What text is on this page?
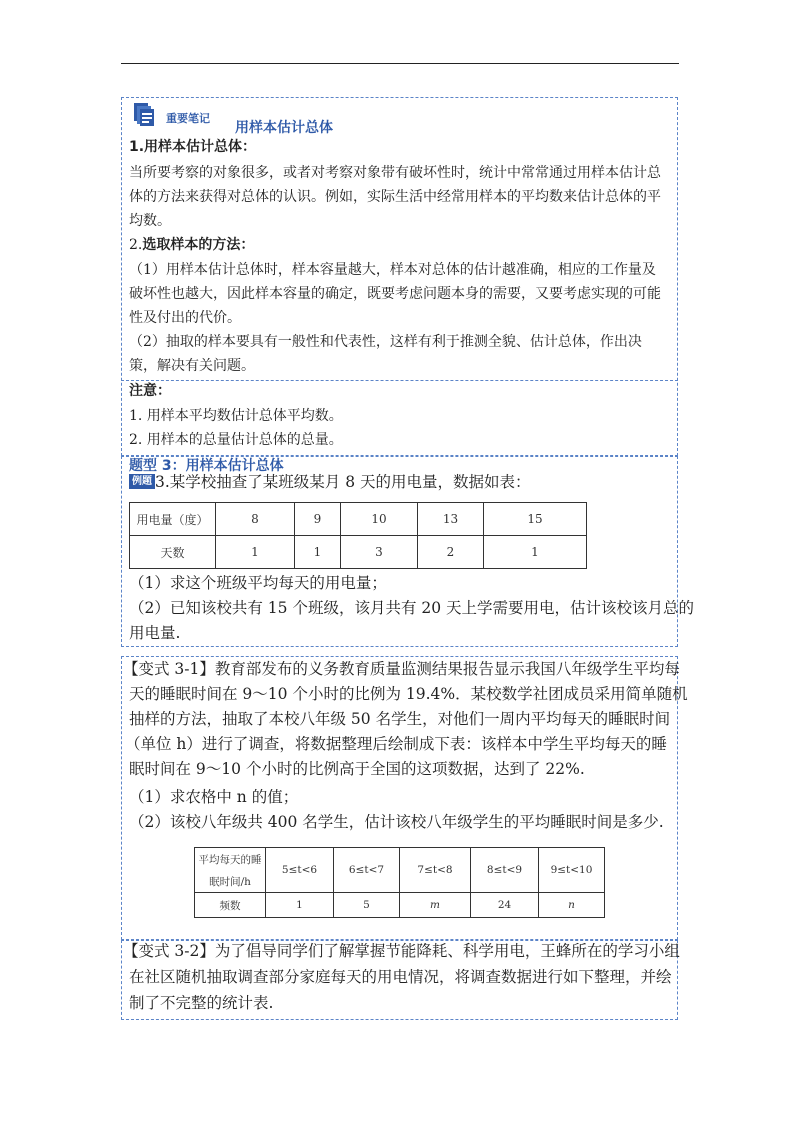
重要笔记
用样本估计总体
1.用样本估计总体：
当所要考察的对象很多，或者对考察对象带有破坏性时，统计中常常通过用样本估计总
体的方法来获得对总体的认识。例如，实际生活中经常用样本的平均数来估计总体的平
均数。
2.选取样本的方法：
（1）用样本估计总体时，样本容量越大，样本对总体的估计越准确，相应的工作量及
破坏性也越大，因此样本容量的确定，既要考虑问题本身的需要，又要考虑实现的可能
性及付出的代价。
（2）抽取的样本要具有一般性和代表性，这样有利于推测全貌、估计总体，作出决
策，解决有关问题。
注意：
1. 用样本平均数估计总体平均数。
2. 用样本的总量估计总体的总量。
题型 3：用样本估计总体
例题 3.某学校抽查了某班级某月 8 天的用电量，数据如表：
用电量（度）	8	9	10	13	15
天数	1	1	3	2	1
（1）求这个班级平均每天的用电量；
（2）已知该校共有 15 个班级，该月共有 20 天上学需要用电，估计该校该月总的
用电量.
【变式 3-1】教育部发布的义务教育质量监测结果报告显示我国八年级学生平均每
天的睡眠时间在 9～10 个小时的比例为 19.4%．某校数学社团成员采用简单随机
抽样的方法，抽取了本校八年级 50 名学生，对他们一周内平均每天的睡眠时间
（单位 h）进行了调查，将数据整理后绘制成下表：该样本中学生平均每天的睡
眠时间在 9～10 个小时的比例高于全国的这项数据，达到了 22%.
（1）求农格中 n 的值；
（2）该校八年级共 400 名学生，估计该校八年级学生的平均睡眠时间是多少.
平均每天的睡
眠时间/h	5≤t<6	6≤t<7	7≤t<8	8≤t<9	9≤t<10
频数	1	5	m	24	n
【变式 3-2】为了倡导同学们了解掌握节能降耗、科学用电，王蜂所在的学习小组
在社区随机抽取调查部分家庭每天的用电情况，将调查数据进行如下整理，并绘
制了不完整的统计表.
